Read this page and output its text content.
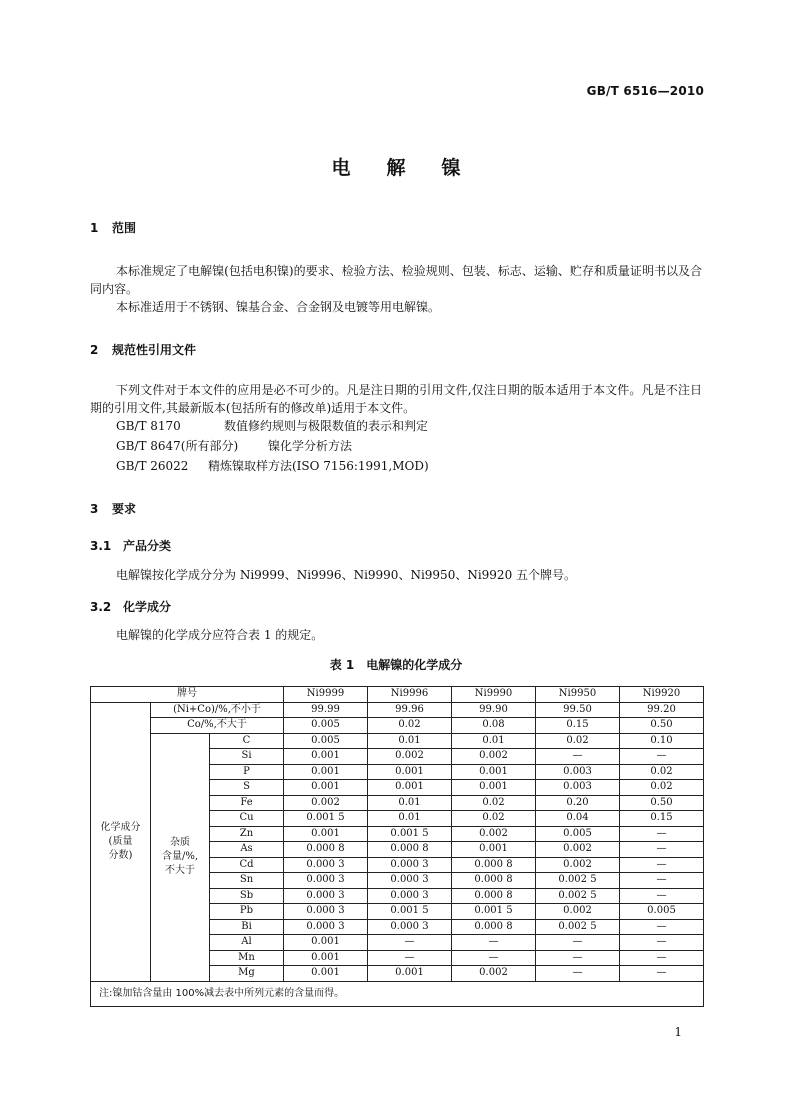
GB/T 6516—2010
电解镍
1 范围
本标准规定了电解镍(包括电积镍)的要求、检验方法、检验规则、包装、标志、运输、贮存和质量证明书以及合同内容。
本标准适用于不锈钢、镍基合金、合金钢及电镀等用电解镍。
2 规范性引用文件
下列文件对于本文件的应用是必不可少的。凡是注日期的引用文件,仅注日期的版本适用于本文件。凡是不注日期的引用文件,其最新版本(包括所有的修改单)适用于本文件。
GB/T 8170	数值修约规则与极限数值的表示和判定
GB/T 8647(所有部分) 镍化学分析方法
GB/T 26022 精炼镍取样方法(ISO 7156:1991,MOD)
3 要求
3.1 产品分类
电解镍按化学成分分为 Ni9999、Ni9996、Ni9990、Ni9950、Ni9920 五个牌号。
3.2 化学成分
电解镍的化学成分应符合表 1 的规定。
表 1　电解镍的化学成分
牌号			Ni9999	Ni9996	Ni9990	Ni9950	Ni9920

化学成分
(质量
分数)	(Ni+Co)/%,不小于		99.99	99.96	99.90	99.50	99.20
	Co/%,不大于		0.005	0.02	0.08	0.15	0.50

	杂质
含量/%,
不大于	C	0.005	0.01	0.01	0.02	0.10
		Si	0.001	0.002	0.002	—	—
		P	0.001	0.001	0.001	0.003	0.02
		S	0.001	0.001	0.001	0.003	0.02
		Fe	0.002	0.01	0.02	0.20	0.50
		Cu	0.001 5	0.01	0.02	0.04	0.15
		Zn	0.001	0.001 5	0.002	0.005	—
		As	0.000 8	0.000 8	0.001	0.002	—
		Cd	0.000 3	0.000 3	0.000 8	0.002	—
		Sn	0.000 3	0.000 3	0.000 8	0.002 5	—
		Sb	0.000 3	0.000 3	0.000 8	0.002 5	—
		Pb	0.000 3	0.001 5	0.001 5	0.002	0.005
		Bi	0.000 3	0.000 3	0.000 8	0.002 5	—
		Al	0.001	—	—	—	—
		Mn	0.001	—	—	—	—
		Mg	0.001	0.001	0.002	—	—
注:镍加钴含量由 100%减去表中所列元素的含量而得。							
1
